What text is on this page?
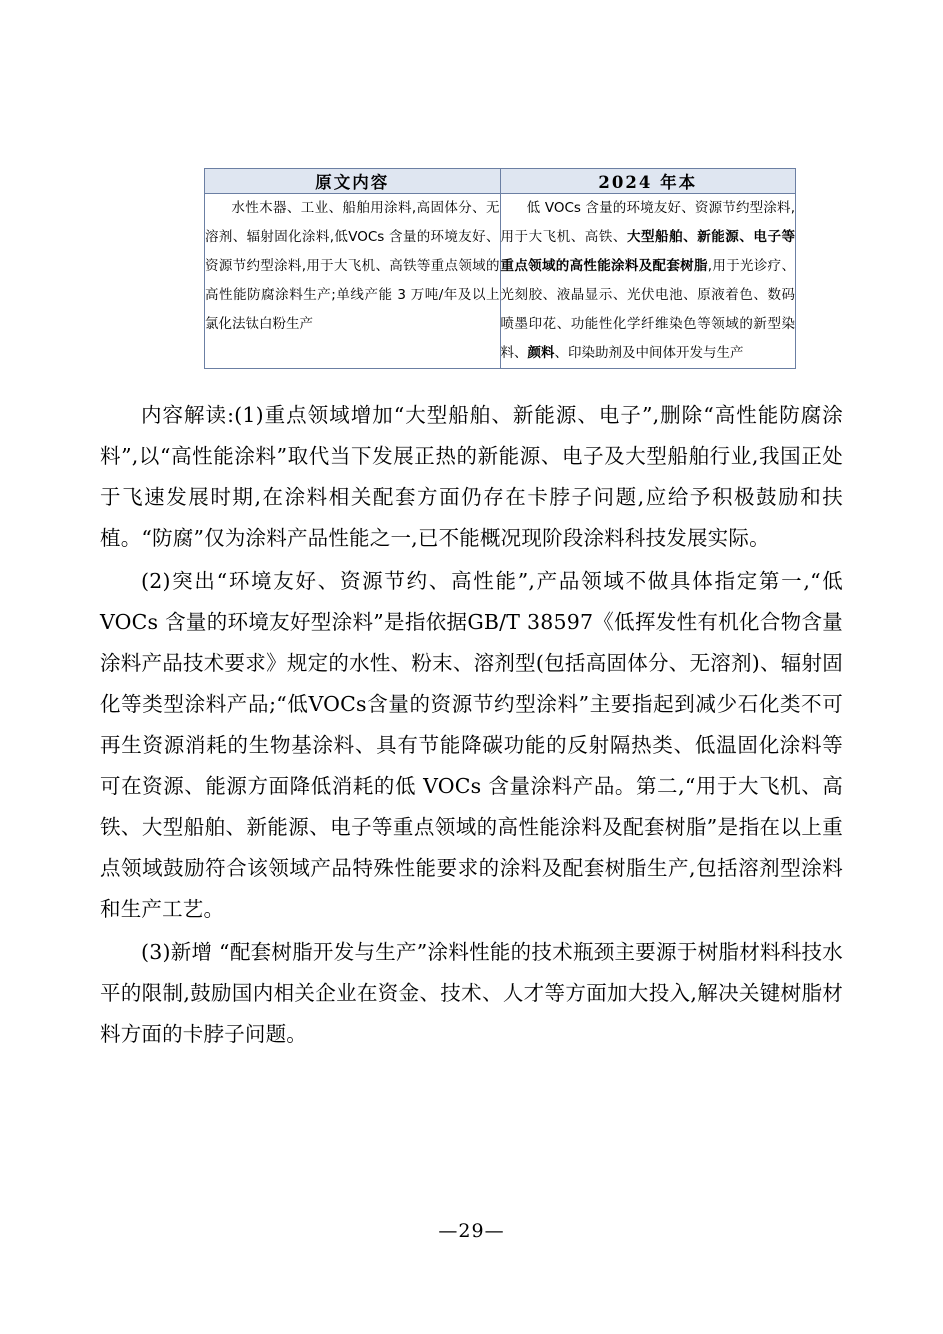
原文内容	2024 年本
水性木器、工业、船舶用涂料,高固体分、无溶剂、辐射固化涂料,低VOCs 含量的环境友好、资源节约型涂料,用于大飞机、高铁等重点领域的高性能防腐涂料生产;单线产能 3 万吨/年及以上氯化法钛白粉生产	低 VOCs 含量的环境友好、资源节约型涂料,用于大飞机、高铁、大型船舶、新能源、电子等重点领域的高性能涂料及配套树脂,用于光诊疗、光刻胶、液晶显示、光伏电池、原液着色、数码喷墨印花、功能性化学纤维染色等领域的新型染料、颜料、印染助剂及中间体开发与生产

内容解读:(1)重点领域增加“大型船舶、新能源、电子”,删除“高性能防腐涂料”,以“高性能涂料”取代当下发展正热的新能源、电子及大型船舶行业,我国正处于飞速发展时期,在涂料相关配套方面仍存在卡脖子问题,应给予积极鼓励和扶植。“防腐”仅为涂料产品性能之一,已不能概况现阶段涂料科技发展实际。

(2)突出“环境友好、资源节约、高性能”,产品领域不做具体指定第一,“低 VOCs 含量的环境友好型涂料”是指依据GB/T 38597《低挥发性有机化合物含量涂料产品技术要求》规定的水性、粉末、溶剂型(包括高固体分、无溶剂)、辐射固化等类型涂料产品;“低VOCs含量的资源节约型涂料”主要指起到减少石化类不可再生资源消耗的生物基涂料、具有节能降碳功能的反射隔热类、低温固化涂料等可在资源、能源方面降低消耗的低 VOCs 含量涂料产品。第二,“用于大飞机、高铁、大型船舶、新能源、电子等重点领域的高性能涂料及配套树脂”是指在以上重点领域鼓励符合该领域产品特殊性能要求的涂料及配套树脂生产,包括溶剂型涂料和生产工艺。

(3)新增 “配套树脂开发与生产”涂料性能的技术瓶颈主要源于树脂材料科技水平的限制,鼓励国内相关企业在资金、技术、人才等方面加大投入,解决关键树脂材料方面的卡脖子问题。

—29—
